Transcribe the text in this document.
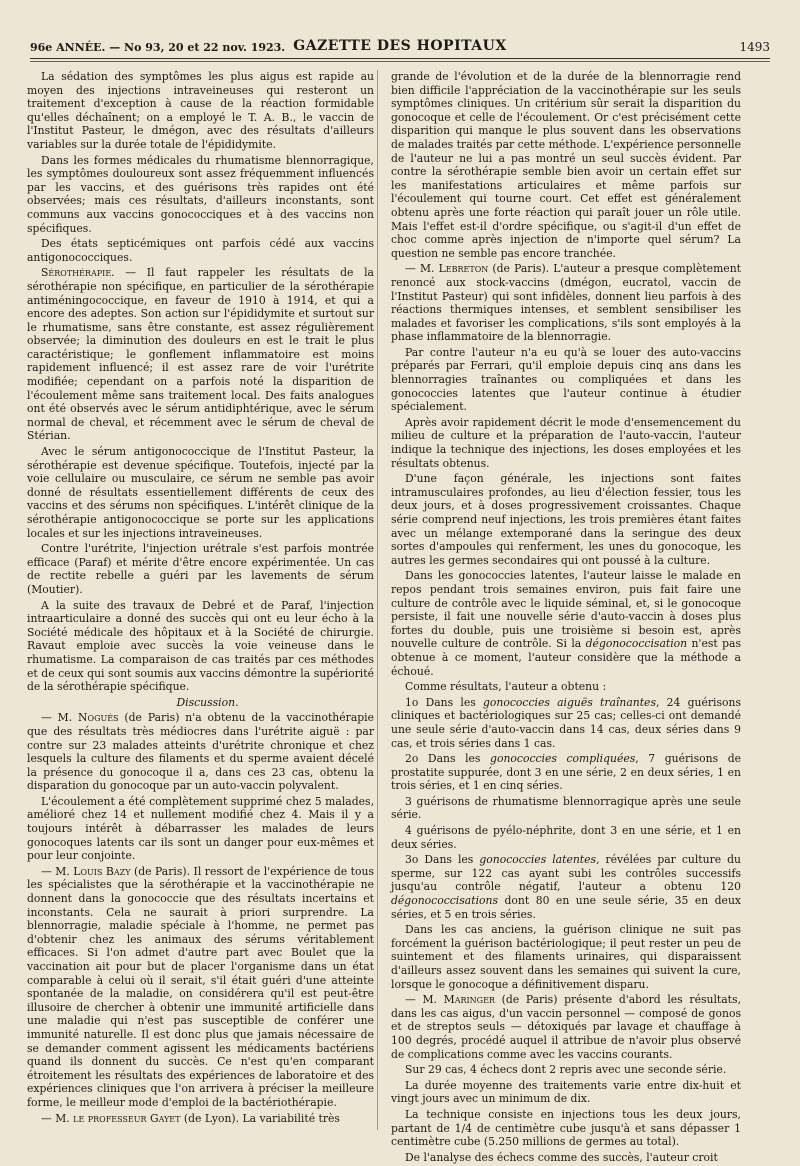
96e ANNÉE. — No 93, 20 et 22 nov. 1923. GAZETTE DES HOPITAUX	1493

La sédation des symptômes les plus aigus est rapide au moyen des injections intraveineuses qui resteront un traitement d'exception à cause de la réaction formidable qu'elles déchaînent; on a employé le T. A. B., le vaccin de l'Institut Pasteur, le dmégon, avec des résultats d'ailleurs variables sur la durée totale de l'épididymite.

Dans les formes médicales du rhumatisme blennorragique, les symptômes douloureux sont assez fréquemment influencés par les vaccins, et des guérisons très rapides ont été observées; mais ces résultats, d'ailleurs inconstants, sont communs aux vaccins gonococciques et à des vaccins non spécifiques.

Des états septicémiques ont parfois cédé aux vaccins antigonococciques.

Sérothérapie. — Il faut rappeler les résultats de la sérothérapie non spécifique, en particulier de la sérothérapie antiméningococcique, en faveur de 1910 à 1914, et qui a encore des adeptes. Son action sur l'épididymite et surtout sur le rhumatisme, sans être constante, est assez régulièrement observée; la diminution des douleurs en est le trait le plus caractéristique; le gonflement inflammatoire est moins rapidement influencé; il est assez rare de voir l'urétrite modifiée; cependant on a parfois noté la disparition de l'écoulement même sans traitement local. Des faits analogues ont été observés avec le sérum antidiphtérique, avec le sérum normal de cheval, et récemment avec le sérum de cheval de Stérian.

Avec le sérum antigonococcique de l'Institut Pasteur, la sérothérapie est devenue spécifique. Toutefois, injecté par la voie cellulaire ou musculaire, ce sérum ne semble pas avoir donné de résultats essentiellement différents de ceux des vaccins et des sérums non spécifiques. L'intérêt clinique de la sérothérapie antigonococcique se porte sur les applications locales et sur les injections intraveineuses.

Contre l'urétrite, l'injection urétrale s'est parfois montrée efficace (Paraf) et mérite d'être encore expérimentée. Un cas de rectite rebelle a guéri par les lavements de sérum (Moutier).

A la suite des travaux de Debré et de Paraf, l'injection intraarticulaire a donné des succès qui ont eu leur écho à la Société médicale des hôpitaux et à la Société de chirurgie. Ravaut emploie avec succès la voie veineuse dans le rhumatisme. La comparaison de cas traités par ces méthodes et de ceux qui sont soumis aux vaccins démontre la supériorité de la sérothérapie spécifique.

Discussion.

— M. Nogués (de Paris) n'a obtenu de la vaccinothérapie que des résultats très médiocres dans l'urétrite aiguë : par contre sur 23 malades atteints d'urétrite chronique et chez lesquels la culture des filaments et du sperme avaient décelé la présence du gonocoque il a, dans ces 23 cas, obtenu la disparation du gonocoque par un auto-vaccin polyvalent.

L'écoulement a été complètement supprimé chez 5 malades, amélioré chez 14 et nullement modifié chez 4. Mais il y a toujours intérêt à débarrasser les malades de leurs gonocoques latents car ils sont un danger pour eux-mêmes et pour leur conjointe.

— M. Louis Bazy (de Paris). Il ressort de l'expérience de tous les spécialistes que la sérothérapie et la vaccinothérapie ne donnent dans la gonococcie que des résultats incertains et inconstants. Cela ne saurait à priori surprendre. La blennorragie, maladie spéciale à l'homme, ne permet pas d'obtenir chez les animaux des sérums véritablement efficaces. Si l'on admet d'autre part avec Boulet que la vaccination ait pour but de placer l'organisme dans un état comparable à celui où il serait, s'il était guéri d'une atteinte spontanée de la maladie, on considérera qu'il est peut-être illusoire de chercher à obtenir une immunité artificielle dans une maladie qui n'est pas susceptible de conférer une immunité naturelle. Il est donc plus que jamais nécessaire de se demander comment agissent les médicaments bactériens quand ils donnent du succès. Ce n'est qu'en comparant étroitement les résultats des expériences de laboratoire et des expériences cliniques que l'on arrivera à préciser la meilleure forme, le meilleur mode d'emploi de la bactériothérapie.

— M. le professeur Gayet (de Lyon). La variabilité très

grande de l'évolution et de la durée de la blennorragie rend bien difficile l'appréciation de la vaccinothérapie sur les seuls symptômes cliniques. Un critérium sûr serait la disparition du gonocoque et celle de l'écoulement. Or c'est précisément cette disparition qui manque le plus souvent dans les observations de malades traités par cette méthode. L'expérience personnelle de l'auteur ne lui a pas montré un seul succès évident. Par contre la sérothérapie semble bien avoir un certain effet sur les manifestations articulaires et même parfois sur l'écoulement qui tourne court. Cet effet est généralement obtenu après une forte réaction qui paraît jouer un rôle utile. Mais l'effet est-il d'ordre spécifique, ou s'agit-il d'un effet de choc comme après injection de n'importe quel sérum? La question ne semble pas encore tranchée.

— M. Lebreton (de Paris). L'auteur a presque complètement renoncé aux stock-vaccins (dmégon, eucratol, vaccin de l'Institut Pasteur) qui sont infidèles, donnent lieu parfois à des réactions thermiques intenses, et semblent sensibiliser les malades et favoriser les complications, s'ils sont employés à la phase inflammatoire de la blennorragie.

Par contre l'auteur n'a eu qu'à se louer des auto-vaccins préparés par Ferrari, qu'il emploie depuis cinq ans dans les blennorragies traînantes ou compliquées et dans les gonococcies latentes que l'auteur continue à étudier spécialement.

Après avoir rapidement décrit le mode d'ensemencement du milieu de culture et la préparation de l'auto-vaccin, l'auteur indique la technique des injections, les doses employées et les résultats obtenus.

D'une façon générale, les injections sont faites intramusculaires profondes, au lieu d'élection fessier, tous les deux jours, et à doses progressivement croissantes. Chaque série comprend neuf injections, les trois premières étant faites avec un mélange extemporané dans la seringue des deux sortes d'ampoules qui renferment, les unes du gonocoque, les autres les germes secondaires qui ont poussé à la culture.

Dans les gonococcies latentes, l'auteur laisse le malade en repos pendant trois semaines environ, puis fait faire une culture de contrôle avec le liquide séminal, et, si le gonocoque persiste, il fait une nouvelle série d'auto-vaccin à doses plus fortes du double, puis une troisième si besoin est, après nouvelle culture de contrôle. Si la dégonococcisation n'est pas obtenue à ce moment, l'auteur considère que la méthode a échoué.

Comme résultats, l'auteur a obtenu :

1o Dans les gonococcies aiguës traînantes, 24 guérisons cliniques et bactériologiques sur 25 cas; celles-ci ont demandé une seule série d'auto-vaccin dans 14 cas, deux séries dans 9 cas, et trois séries dans 1 cas.

2o Dans les gonococcies compliquées, 7 guérisons de prostatite suppurée, dont 3 en une série, 2 en deux séries, 1 en trois séries, et 1 en cinq séries.

3 guérisons de rhumatisme blennorragique après une seule série.

4 guérisons de pyélo-néphrite, dont 3 en une série, et 1 en deux séries.

3o Dans les gonococcies latentes, révélées par culture du sperme, sur 122 cas ayant subi les contrôles successifs jusqu'au contrôle négatif, l'auteur a obtenu 120 dégonococcisations dont 80 en une seule série, 35 en deux séries, et 5 en trois séries.

Dans les cas anciens, la guérison clinique ne suit pas forcément la guérison bactériologique; il peut rester un peu de suintement et des filaments urinaires, qui disparaissent d'ailleurs assez souvent dans les semaines qui suivent la cure, lorsque le gonocoque a définitivement disparu.

— M. Maringer (de Paris) présente d'abord les résultats, dans les cas aigus, d'un vaccin personnel — composé de gonos et de streptos seuls — détoxiqués par lavage et chauffage à 100 degrés, procédé auquel il attribue de n'avoir plus observé de complications comme avec les vaccins courants.

Sur 29 cas, 4 échecs dont 2 repris avec une seconde série.

La durée moyenne des traitements varie entre dix-huit et vingt jours avec un minimum de dix.

La technique consiste en injections tous les deux jours, partant de 1/4 de centimètre cube jusqu'à et sans dépasser 1 centimètre cube (5.250 millions de germes au total).

De l'analyse des échecs comme des succès, l'auteur croit
